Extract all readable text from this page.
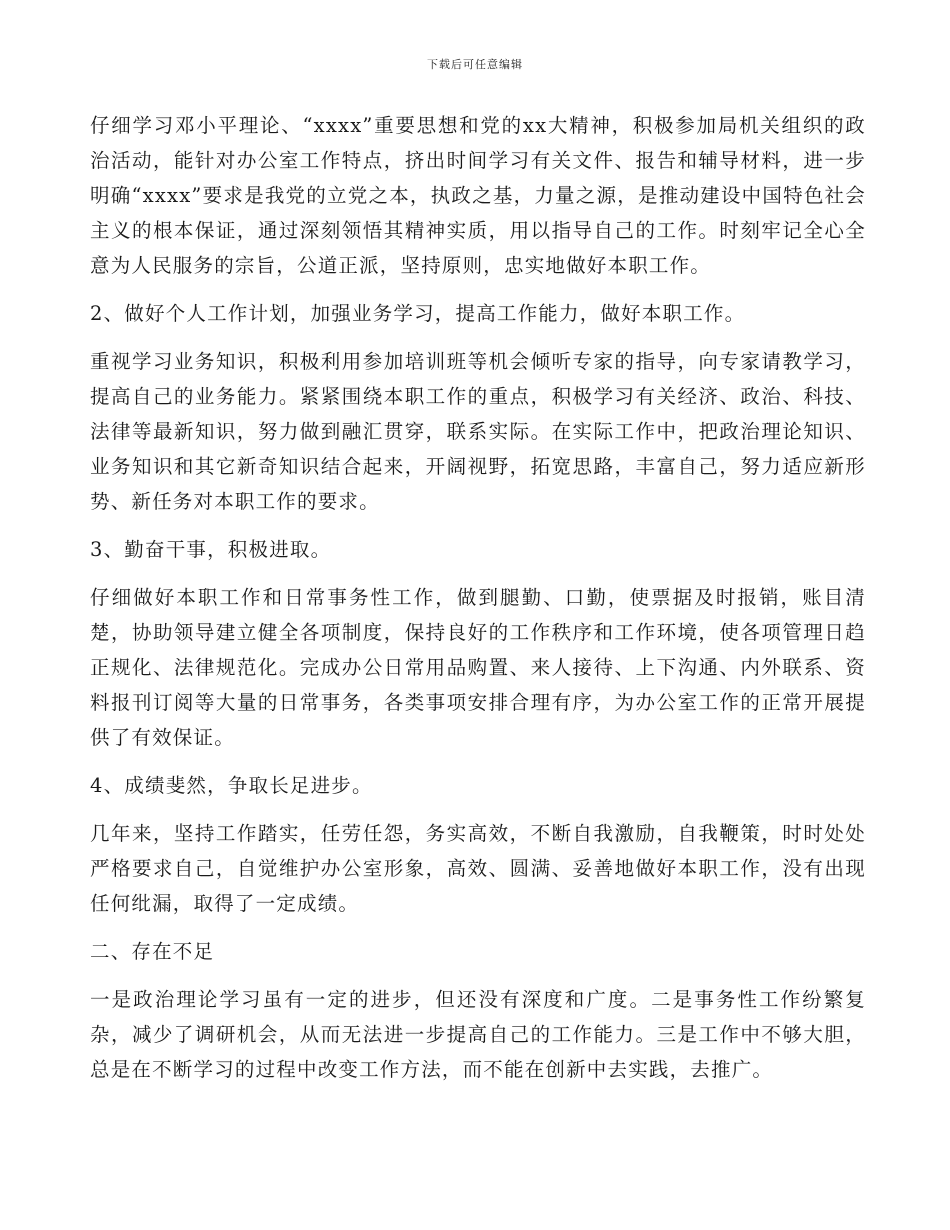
下载后可任意编辑

仔细学习邓小平理论、“xxxx”重要思想和党的xx大精神，积极参加局机关组织的政治活动，能针对办公室工作特点，挤出时间学习有关文件、报告和辅导材料，进一步明确“xxxx”要求是我党的立党之本，执政之基，力量之源，是推动建设中国特色社会主义的根本保证，通过深刻领悟其精神实质，用以指导自己的工作。时刻牢记全心全意为人民服务的宗旨，公道正派，坚持原则，忠实地做好本职工作。

2、做好个人工作计划，加强业务学习，提高工作能力，做好本职工作。

重视学习业务知识，积极利用参加培训班等机会倾听专家的指导，向专家请教学习，提高自己的业务能力。紧紧围绕本职工作的重点，积极学习有关经济、政治、科技、法律等最新知识，努力做到融汇贯穿，联系实际。在实际工作中，把政治理论知识、业务知识和其它新奇知识结合起来，开阔视野，拓宽思路，丰富自己，努力适应新形势、新任务对本职工作的要求。

3、勤奋干事，积极进取。

仔细做好本职工作和日常事务性工作，做到腿勤、口勤，使票据及时报销，账目清楚，协助领导建立健全各项制度，保持良好的工作秩序和工作环境，使各项管理日趋正规化、法律规范化。完成办公日常用品购置、来人接待、上下沟通、内外联系、资料报刊订阅等大量的日常事务，各类事项安排合理有序，为办公室工作的正常开展提供了有效保证。

4、成绩斐然，争取长足进步。

几年来，坚持工作踏实，任劳任怨，务实高效，不断自我激励，自我鞭策，时时处处严格要求自己，自觉维护办公室形象，高效、圆满、妥善地做好本职工作，没有出现任何纰漏，取得了一定成绩。

二、存在不足

一是政治理论学习虽有一定的进步，但还没有深度和广度。二是事务性工作纷繁复杂，减少了调研机会，从而无法进一步提高自己的工作能力。三是工作中不够大胆，总是在不断学习的过程中改变工作方法，而不能在创新中去实践，去推广。
